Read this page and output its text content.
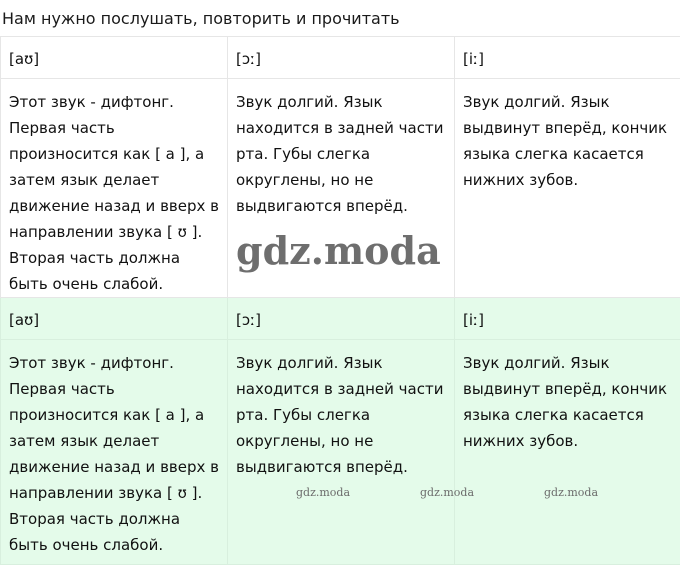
Нам нужно послушать, повторить и прочитать
[aʊ]	[ɔː]	[iː]
Этот звук - дифтонг. Первая часть произносится как [ a ], а затем язык делает движение назад и вверх в направлении звука [ ʊ ]. Вторая часть должна быть очень слабой.	Звук долгий. Язык находится в задней части рта. Губы слегка округлены, но не выдвигаются вперёд.	Звук долгий. Язык выдвинут вперёд, кончик языка слегка касается нижних зубов.
[aʊ]	[ɔː]	[iː]
Этот звук - дифтонг. Первая часть произносится как [ a ], а затем язык делает движение назад и вверх в направлении звука [ ʊ ]. Вторая часть должна быть очень слабой.	Звук долгий. Язык находится в задней части рта. Губы слегка округлены, но не выдвигаются вперёд.	Звук долгий. Язык выдвинут вперёд, кончик языка слегка касается нижних зубов.
gdz.moda
gdz.moda	gdz.moda	gdz.moda
